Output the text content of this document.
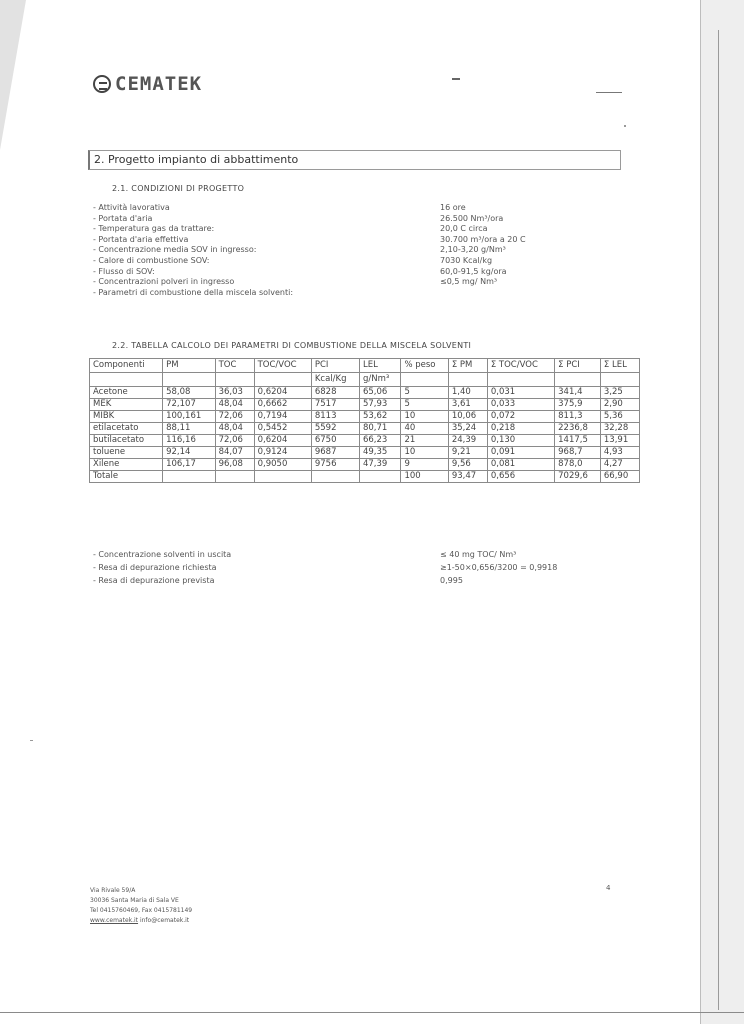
CEMATEK
2. Progetto impianto di abbattimento
2.1. CONDIZIONI DI PROGETTO
- Attività lavorativa	16 ore
- Portata d'aria	26.500 Nm³/ora
- Temperatura gas da trattare:	20,0 C circa
- Portata d'aria effettiva	30.700 m³/ora a 20 C
- Concentrazione media SOV in ingresso:	2,10-3,20 g/Nm³
- Calore di combustione SOV:	7030 Kcal/kg
- Flusso di SOV:	60,0-91,5 kg/ora
- Concentrazioni polveri in ingresso	≤0,5 mg/ Nm³
- Parametri di combustione della miscela solventi:
2.2. TABELLA CALCOLO DEI PARAMETRI DI COMBUSTIONE DELLA MISCELA SOLVENTI
Componenti	PM	TOC	TOC/VOC	PCI	LEL	% peso	Σ PM	Σ TOC/VOC	Σ PCI	Σ LEL
				Kcal/Kg	g/Nm³					
Acetone	58,08	36,03	0,6204	6828	65,06	5	1,40	0,031	341,4	3,25
MEK	72,107	48,04	0,6662	7517	57,93	5	3,61	0,033	375,9	2,90
MIBK	100,161	72,06	0,7194	8113	53,62	10	10,06	0,072	811,3	5,36
etilacetato	88,11	48,04	0,5452	5592	80,71	40	35,24	0,218	2236,8	32,28
butilacetato	116,16	72,06	0,6204	6750	66,23	21	24,39	0,130	1417,5	13,91
toluene	92,14	84,07	0,9124	9687	49,35	10	9,21	0,091	968,7	4,93
Xilene	106,17	96,08	0,9050	9756	47,39	9	9,56	0,081	878,0	4,27
Totale						100	93,47	0,656	7029,6	66,90
- Concentrazione solventi in uscita	≤ 40 mg TOC/ Nm³
- Resa di depurazione richiesta	≥1-50×0,656/3200 = 0,9918
- Resa di depurazione prevista	0,995
Via Rivale 59/A
30036 Santa Maria di Sala VE
Tel 0415760469, Fax 0415781149
www.cematek.it info@cematek.it
4
